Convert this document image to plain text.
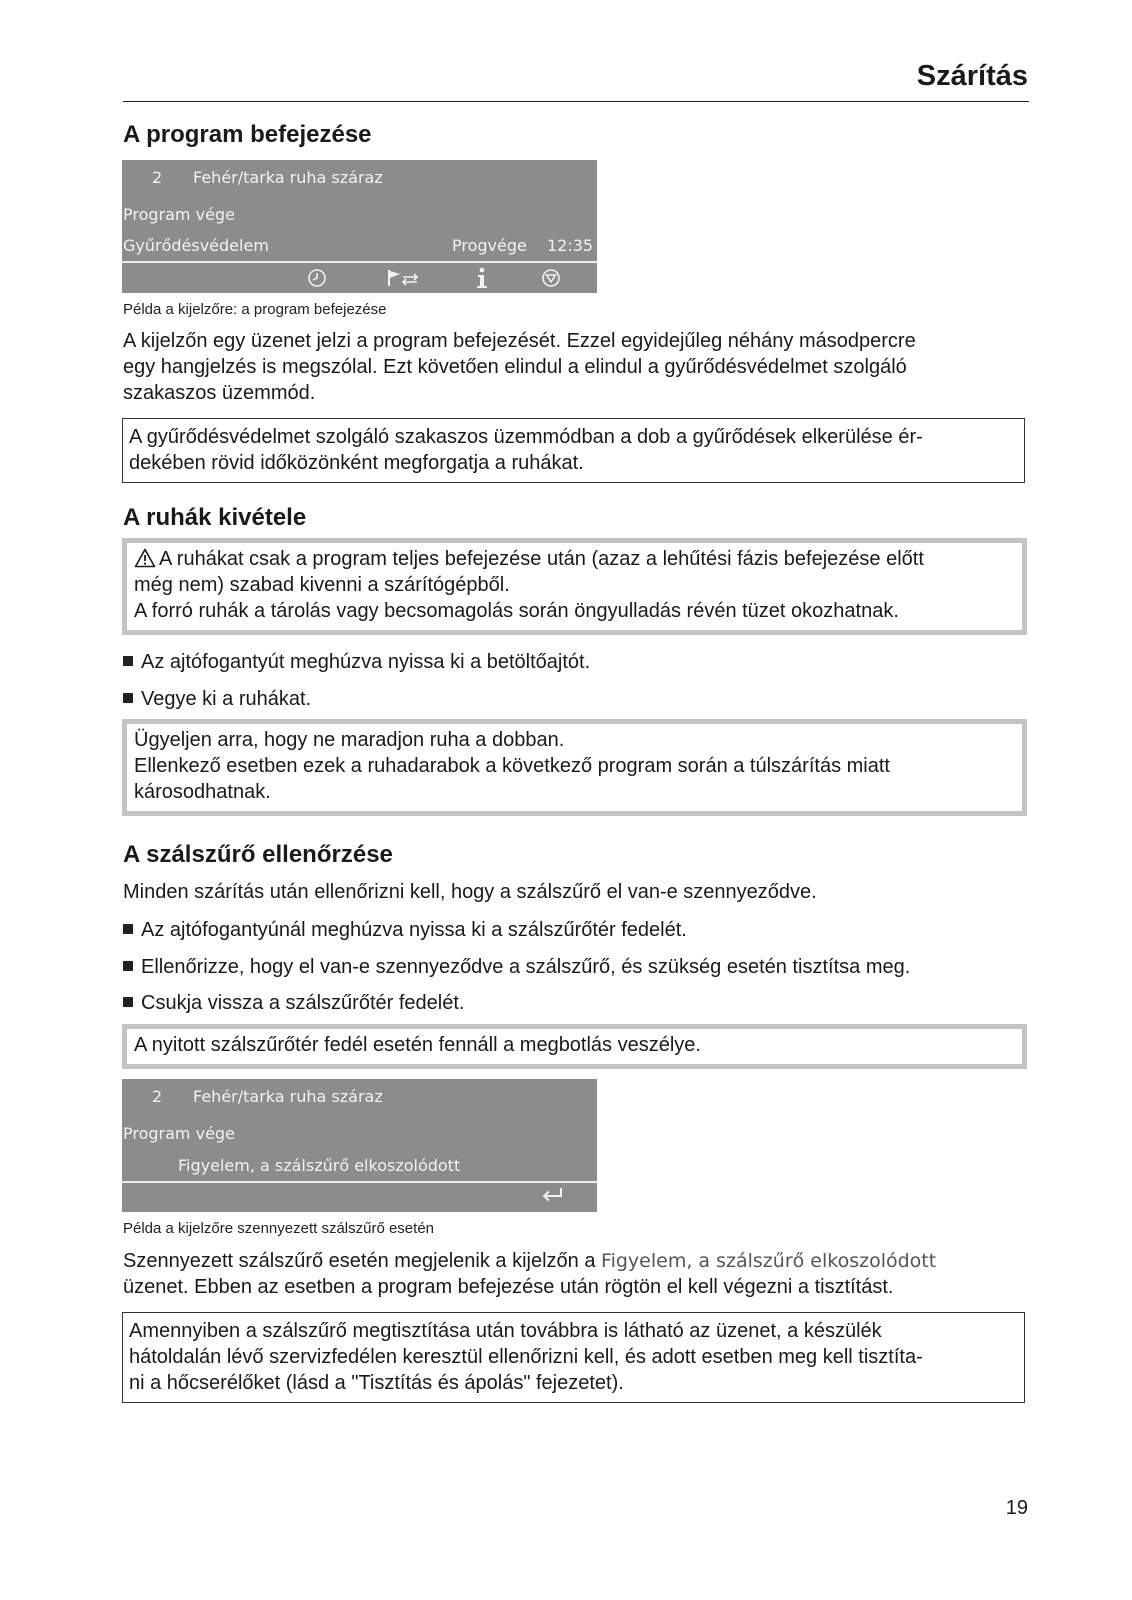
Szárítás
A program befejezése
2 Fehér/tarka ruha száraz
Program vége
Gyűrődésvédelem	Progvége 12:35
Példa a kijelzőre: a program befejezése
A kijelzőn egy üzenet jelzi a program befejezését. Ezzel egyidejűleg néhány másodpercre
egy hangjelzés is megszólal. Ezt követően elindul a elindul a gyűrődésvédelmet szolgáló
szakaszos üzemmód.
A gyűrődésvédelmet szolgáló szakaszos üzemmódban a dob a gyűrődések elkerülése ér-
dekében rövid időközönként megforgatja a ruhákat.
A ruhák kivétele
A ruhákat csak a program teljes befejezése után (azaz a lehűtési fázis befejezése előtt
még nem) szabad kivenni a szárítógépből.
A forró ruhák a tárolás vagy becsomagolás során öngyulladás révén tüzet okozhatnak.
Az ajtófogantyút meghúzva nyissa ki a betöltőajtót.
Vegye ki a ruhákat.
Ügyeljen arra, hogy ne maradjon ruha a dobban.
Ellenkező esetben ezek a ruhadarabok a következő program során a túlszárítás miatt
károsodhatnak.
A szálszűrő ellenőrzése
Minden szárítás után ellenőrizni kell, hogy a szálszűrő el van-e szennyeződve.
Az ajtófogantyúnál meghúzva nyissa ki a szálszűrőtér fedelét.
Ellenőrizze, hogy el van-e szennyeződve a szálszűrő, és szükség esetén tisztítsa meg.
Csukja vissza a szálszűrőtér fedelét.
A nyitott szálszűrőtér fedél esetén fennáll a megbotlás veszélye.
2 Fehér/tarka ruha száraz
Program vége
Figyelem, a szálszűrő elkoszolódott
Példa a kijelzőre szennyezett szálszűrő esetén
Szennyezett szálszűrő esetén megjelenik a kijelzőn a Figyelem, a szálszűrő elkoszolódott
üzenet. Ebben az esetben a program befejezése után rögtön el kell végezni a tisztítást.
Amennyiben a szálszűrő megtisztítása után továbbra is látható az üzenet, a készülék
hátoldalán lévő szervizfedélen keresztül ellenőrizni kell, és adott esetben meg kell tisztíta-
ni a hőcserélőket (lásd a "Tisztítás és ápolás" fejezetet).
19
